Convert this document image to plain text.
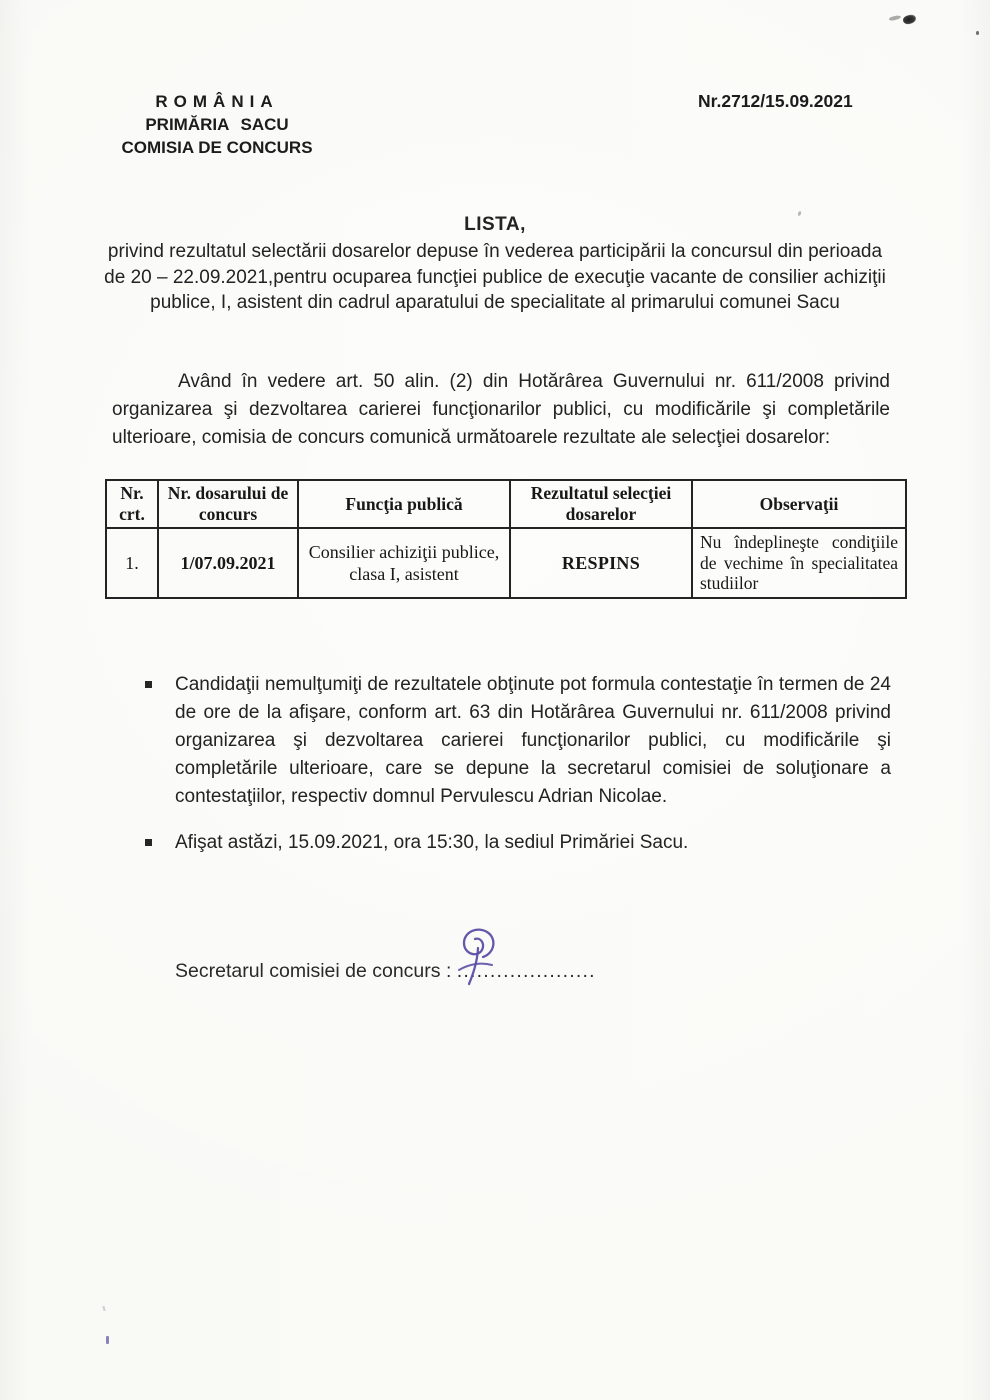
ROMÂNIA
PRIMĂRIA SACU
COMISIA DE CONCURS
Nr.2712/15.09.2021
LISTA,
privind rezultatul selectării dosarelor depuse în vederea participării la concursul din perioada de 20 – 22.09.2021,pentru ocuparea funcţiei publice de execuţie vacante de consilier achiziţii publice, I, asistent din cadrul aparatului de specialitate al primarului comunei Sacu

Având în vedere art. 50 alin. (2) din Hotărârea Guvernului nr. 611/2008 privind organizarea şi dezvoltarea carierei funcţionarilor publici, cu modificările şi completările ulterioare, comisia de concurs comunică următoarele rezultate ale selecţiei dosarelor:

Nr. crt.	Nr. dosarului de concurs	Funcţia publică	Rezultatul selecţiei dosarelor	Observaţii
1.	1/07.09.2021	Consilier achiziţii publice, clasa I, asistent	RESPINS	Nu îndeplineşte condiţiile de vechime în specialitatea studiilor
Candidaţii nemulţumiţi de rezultatele obţinute pot formula contestaţie în termen de 24 de ore de la afişare, conform art. 63 din Hotărârea Guvernului nr. 611/2008 privind organizarea şi dezvoltarea carierei funcţionarilor publici, cu modificările şi completările ulterioare, care se depune la secretarul comisiei de soluţionare a contestaţiilor, respectiv domnul Pervulescu Adrian Nicolae.
Afişat astăzi, 15.09.2021, ora 15:30, la sediul Primăriei Sacu.
Secretarul comisiei de concurs : .....................
